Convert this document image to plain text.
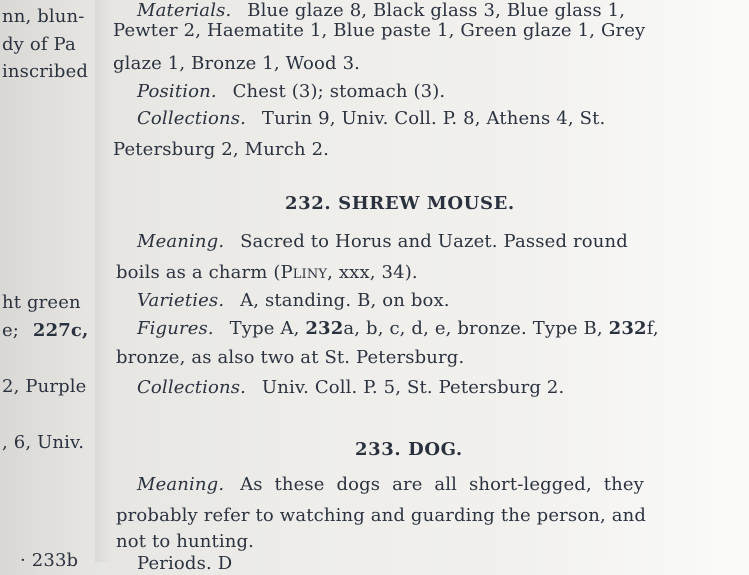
nn, blun-
dy of Pa
inscribed
ht green
e; 227c,
2, Purple
, 6, Univ.
· 233b
Materials. Blue glaze 8, Black glass 3, Blue glass 1,
Pewter 2, Haematite 1, Blue paste 1, Green glaze 1, Grey
glaze 1, Bronze 1, Wood 3.
Position. Chest (3); stomach (3).
Collections. Turin 9, Univ. Coll. P. 8, Athens 4, St.
Petersburg 2, Murch 2.
232. SHREW MOUSE.
Meaning. Sacred to Horus and Uazet. Passed round
boils as a charm (Pliny, xxx, 34).
Varieties. A, standing. B, on box.
Figures. Type A, 232a, b, c, d, e, bronze. Type B, 232f,
bronze, as also two at St. Petersburg.
Collections. Univ. Coll. P. 5, St. Petersburg 2.
233. DOG.
Meaning. As these dogs are all short-legged, they
probably refer to watching and guarding the person, and
not to hunting.
Periods. D
